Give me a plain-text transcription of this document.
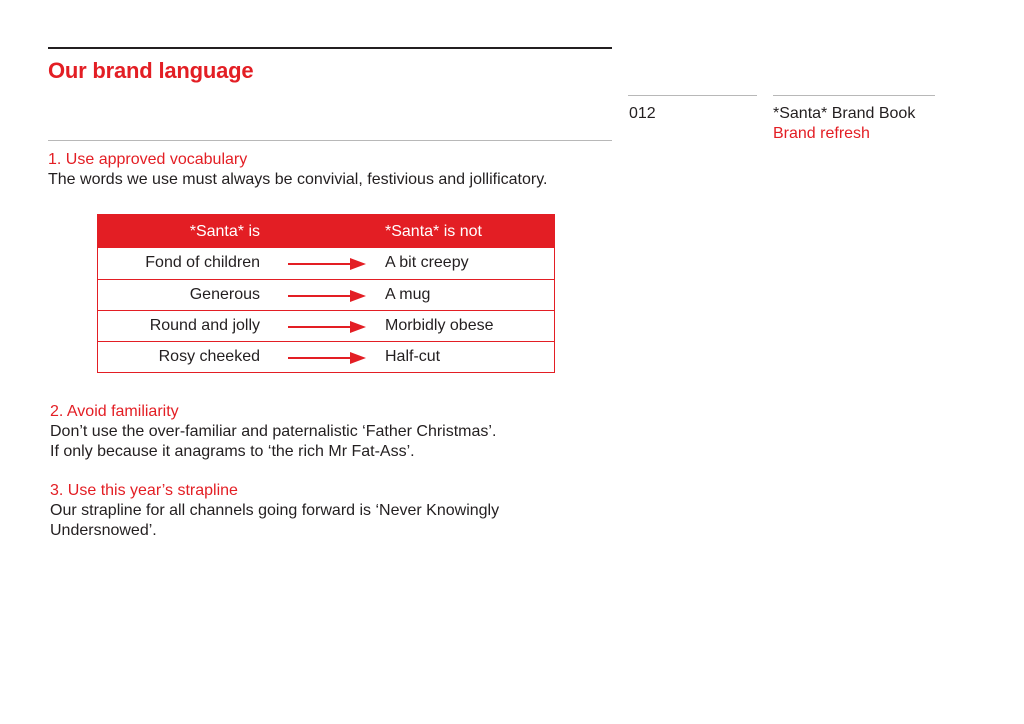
Our brand language
012	*Santa* Brand Book
Brand refresh
1. Use approved vocabulary
The words we use must always be convivial, festivious and jollificatory.
*Santa* is	*Santa* is not
Fond of children	A bit creepy
Generous	A mug
Round and jolly	Morbidly obese
Rosy cheeked	Half-cut
2. Avoid familiarity
Don’t use the over-familiar and paternalistic ‘Father Christmas’.
If only because it anagrams to ‘the rich Mr Fat-Ass’.
3. Use this year’s strapline
Our strapline for all channels going forward is ‘Never Knowingly Undersnowed’.
